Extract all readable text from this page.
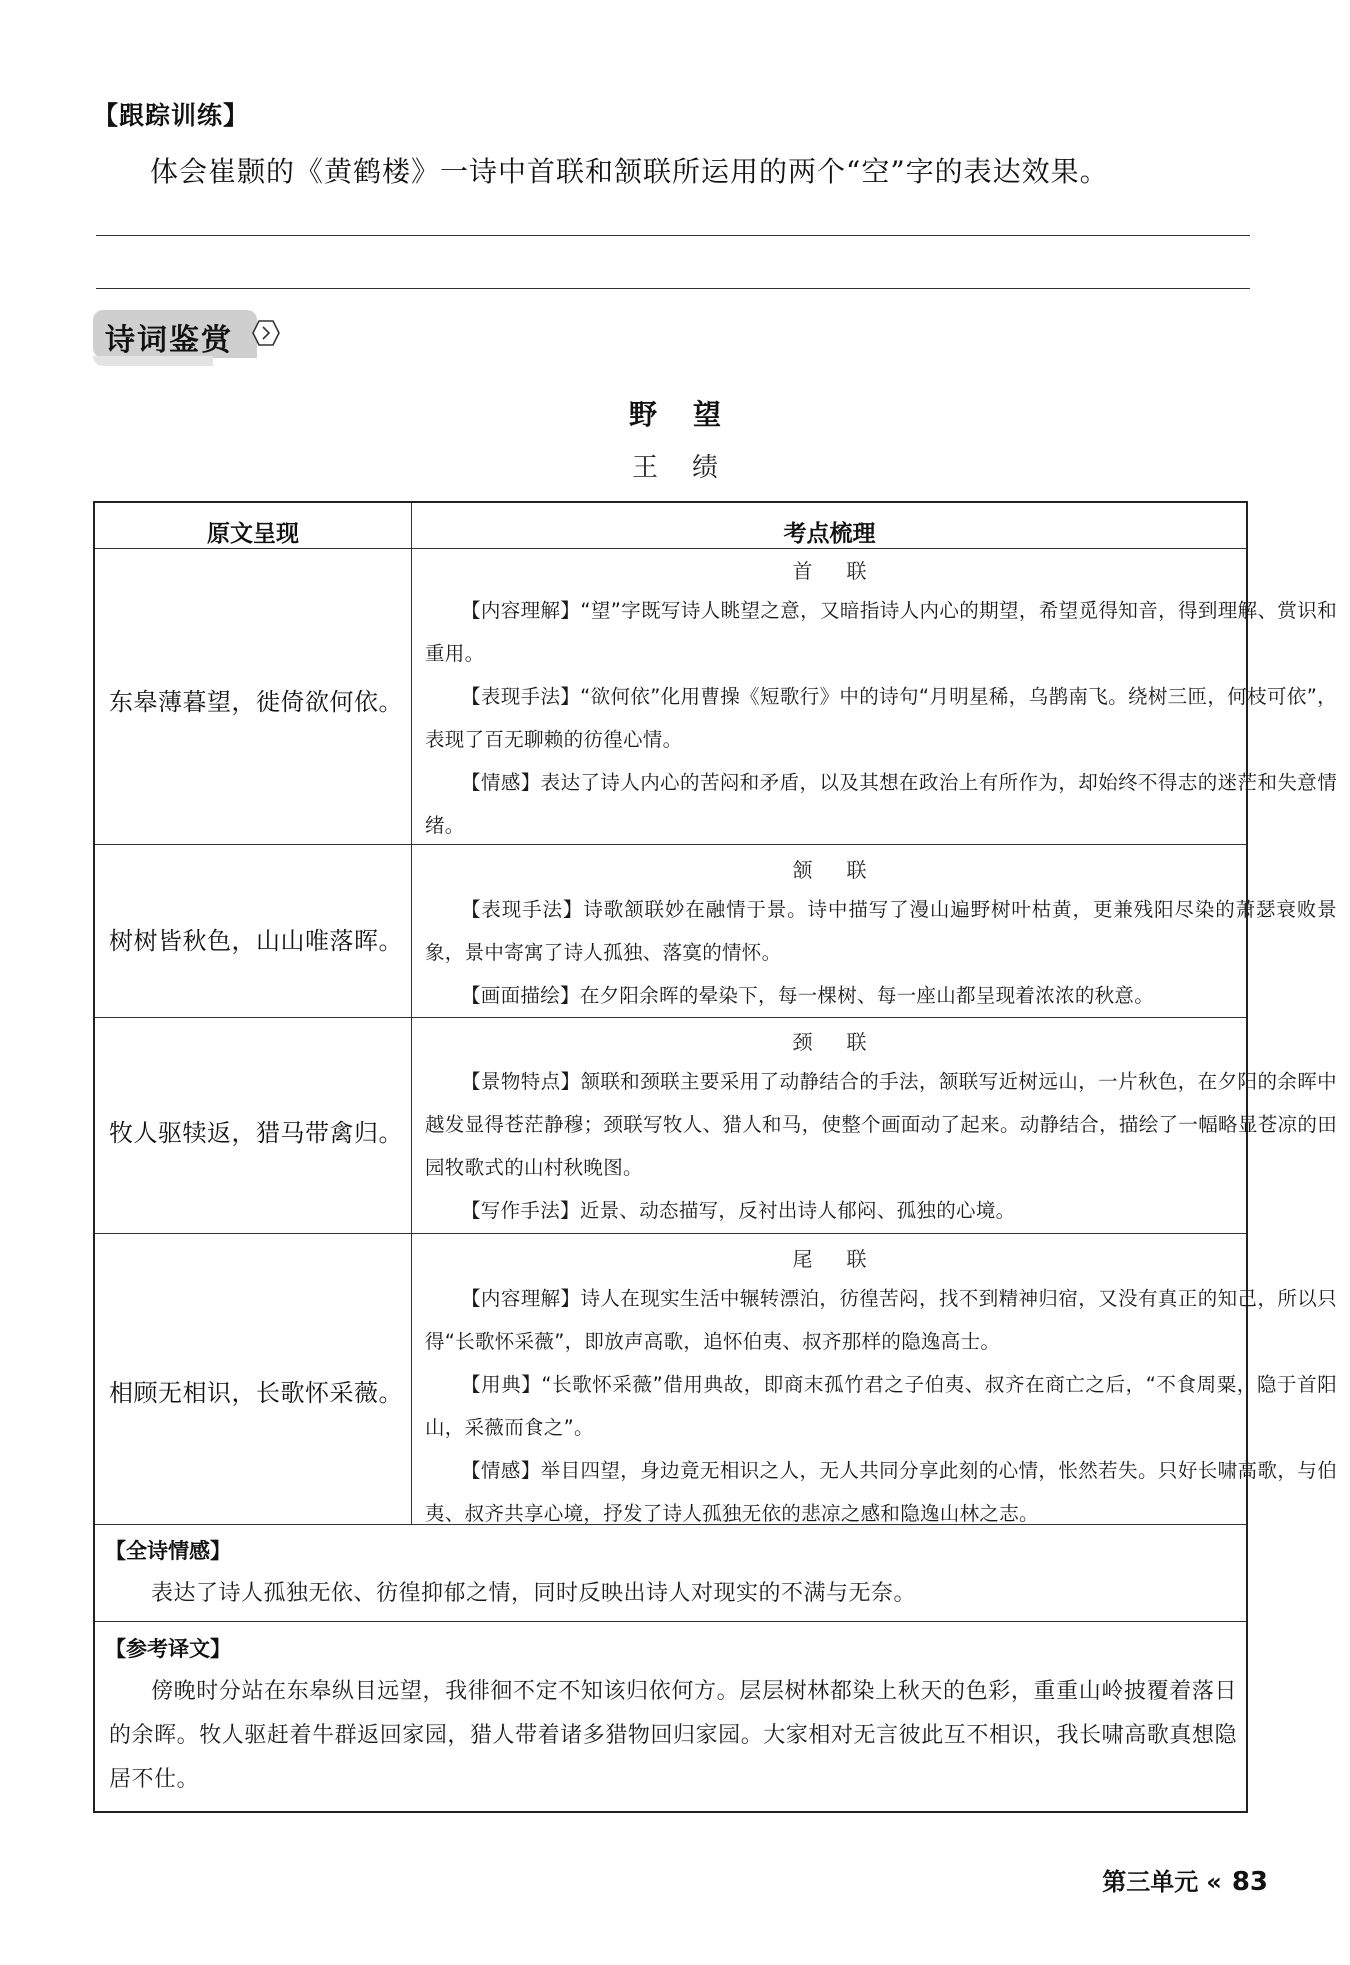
【跟踪训练】
体会崔颢的《黄鹤楼》一诗中首联和颔联所运用的两个“空”字的表达效果。
诗词鉴赏
野望
王绩
原文呈现	考点梳理
东皋薄暮望，徙倚欲何依。
首联
【内容理解】“望”字既写诗人眺望之意，又暗指诗人内心的期望，希望觅得知音，得到理解、赏识和重用。
【表现手法】“欲何依”化用曹操《短歌行》中的诗句“月明星稀，乌鹊南飞。绕树三匝，何枝可依”，表现了百无聊赖的彷徨心情。
【情感】表达了诗人内心的苦闷和矛盾，以及其想在政治上有所作为，却始终不得志的迷茫和失意情绪。
树树皆秋色，山山唯落晖。
颔联
【表现手法】诗歌颔联妙在融情于景。诗中描写了漫山遍野树叶枯黄，更兼残阳尽染的萧瑟衰败景象，景中寄寓了诗人孤独、落寞的情怀。
【画面描绘】在夕阳余晖的晕染下，每一棵树、每一座山都呈现着浓浓的秋意。
牧人驱犊返，猎马带禽归。
颈联
【景物特点】颔联和颈联主要采用了动静结合的手法，颔联写近树远山，一片秋色，在夕阳的余晖中越发显得苍茫静穆；颈联写牧人、猎人和马，使整个画面动了起来。动静结合，描绘了一幅略显苍凉的田园牧歌式的山村秋晚图。
【写作手法】近景、动态描写，反衬出诗人郁闷、孤独的心境。
相顾无相识，长歌怀采薇。
尾联
【内容理解】诗人在现实生活中辗转漂泊，彷徨苦闷，找不到精神归宿，又没有真正的知己，所以只得“长歌怀采薇”，即放声高歌，追怀伯夷、叔齐那样的隐逸高士。
【用典】“长歌怀采薇”借用典故，即商末孤竹君之子伯夷、叔齐在商亡之后，“不食周粟，隐于首阳山，采薇而食之”。
【情感】举目四望，身边竟无相识之人，无人共同分享此刻的心情，怅然若失。只好长啸高歌，与伯夷、叔齐共享心境，抒发了诗人孤独无依的悲凉之感和隐逸山林之志。
【全诗情感】
表达了诗人孤独无依、彷徨抑郁之情，同时反映出诗人对现实的不满与无奈。
【参考译文】
傍晚时分站在东皋纵目远望，我徘徊不定不知该归依何方。层层树林都染上秋天的色彩，重重山岭披覆着落日的余晖。牧人驱赶着牛群返回家园，猎人带着诸多猎物回归家园。大家相对无言彼此互不相识，我长啸高歌真想隐居不仕。
第三单元 « 83
